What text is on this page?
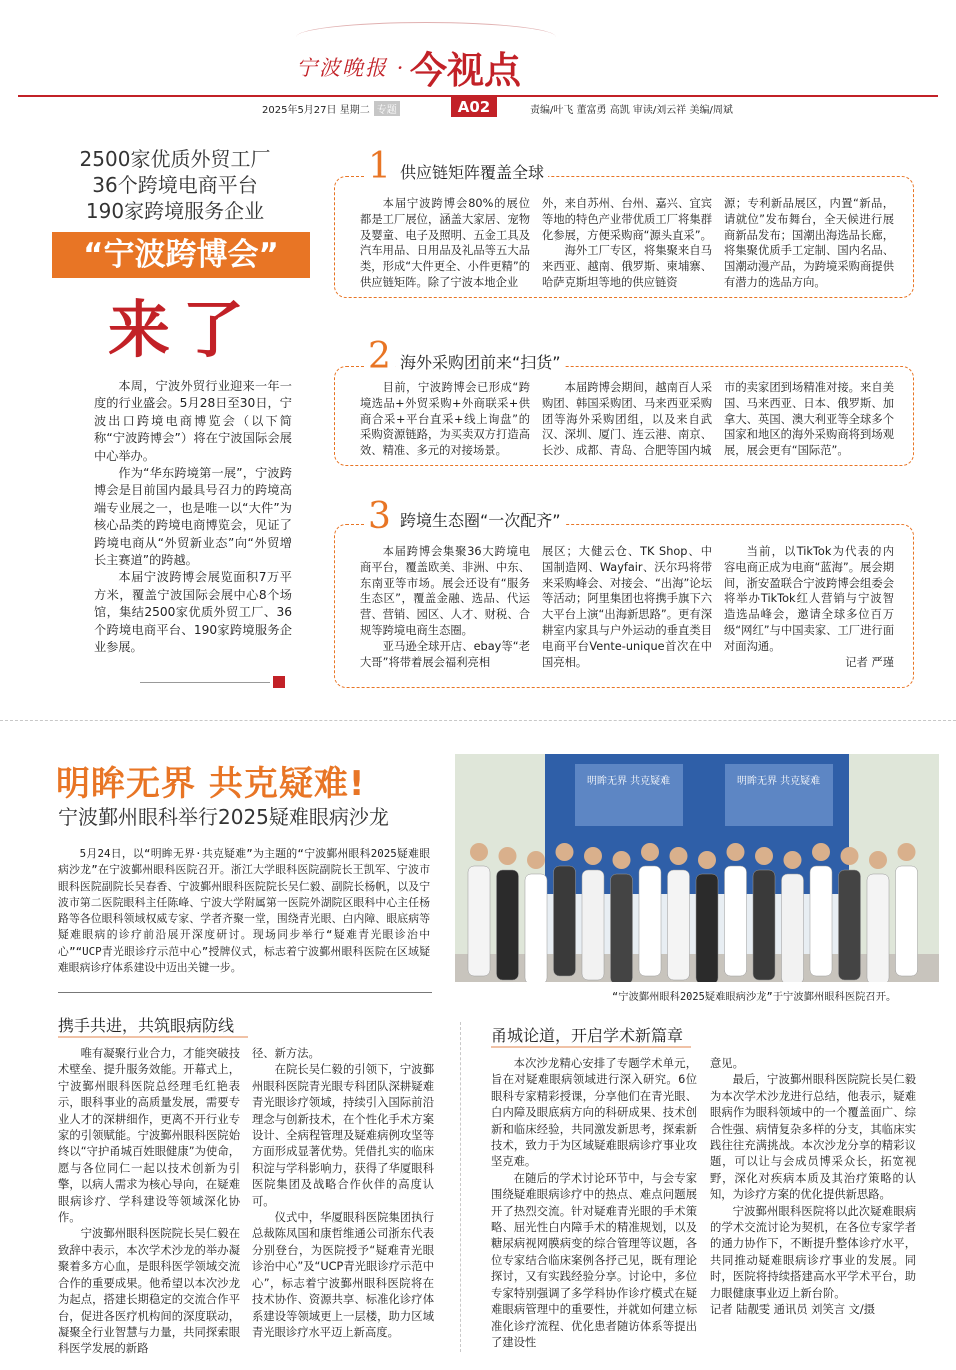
宁波晚报 · 今视点
2025年5月27日 星期二 专题	A02	责编/叶飞 董富勇 高凯 审读/刘云祥 美编/周斌
2500家优质外贸工厂
36个跨境电商平台
190家跨境服务企业
“宁波跨博会”
来了

本周，宁波外贸行业迎来一年一度的行业盛会。5月28日至30日，宁波出口跨境电商博览会（以下简称“宁波跨博会”）将在宁波国际会展中心举办。

作为“华东跨境第一展”，宁波跨博会是目前国内最具号召力的跨境高端专业展之一，也是唯一以“大件”为核心品类的跨境电商博览会，见证了跨境电商从“外贸新业态”向“外贸增长主赛道”的跨越。

本届宁波跨博会展览面积7万平方米，覆盖宁波国际会展中心8个场馆，集结2500家优质外贸工厂、36个跨境电商平台、190家跨境服务企业参展。

1 供应链矩阵覆盖全球

本届宁波跨博会80%的展位都是工厂展位，涵盖大家居、宠物及婴童、电子及照明、五金工具及汽车用品、日用品及礼品等五大品类，形成“大件更全、小件更精”的供应链矩阵。除了宁波本地企业

外，来自苏州、台州、嘉兴、宜宾等地的特色产业带优质工厂将集群化参展，方便采购商“源头直采”。

海外工厂专区，将集聚来自马来西亚、越南、俄罗斯、柬埔寨、哈萨克斯坦等地的供应链资

源；专利新品展区，内置“新品，请就位”发布舞台，全天候进行展商新品发布；国潮出海选品长廊，将集聚优质手工定制、国内名品、国潮动漫产品，为跨境采购商提供有潜力的选品方向。

2 海外采购团前来“扫货”

目前，宁波跨博会已形成“跨境选品+外贸采购+外商联采+供商合采+平台直采+线上询盘”的采购资源链路，为买卖双方打造高效、精准、多元的对接场景。

本届跨博会期间，越南百人采购团、韩国采购团、马来西亚采购团等海外采购团组，以及来自武汉、深圳、厦门、连云港、南京、长沙、成都、青岛、合肥等国内城

市的卖家团到场精准对接。来自美国、马来西亚、日本、俄罗斯、加拿大、英国、澳大利亚等全球多个国家和地区的海外采购商将到场观展，展会更有“国际范”。

3 跨境生态圈“一次配齐”

本届跨博会集聚36大跨境电商平台，覆盖欧美、非洲、中东、东南亚等市场。展会还设有“服务生态区”，覆盖金融、选品、代运营、营销、园区、人才、财税、合规等跨境电商生态圈。

亚马逊全球开店、ebay等“老大哥”将带着展会福利亮相

展区；大健云仓、TK Shop、中国制造网、Wayfair、沃尔玛将带来采购峰会、对接会、“出海”论坛等活动；阿里集团也将携手旗下六大平台上演“出海新思路”。更有深耕室内家具与户外运动的垂直类目电商平台Vente-unique首次在中国亮相。

当前，以TikTok为代表的内容电商正成为电商“蓝海”。展会期间，浙安盈联合宁波跨博会组委会将举办TikTok红人营销与宁波智造选品峰会，邀请全球多位百万级“网红”与中国卖家、工厂进行面对面沟通。

记者 严瑾

明眸无界 共克疑难!
宁波鄞州眼科举行2025疑难眼病沙龙
5月24日，以“明眸无界·共克疑难”为主题的“宁波鄞州眼科2025疑难眼病沙龙”在宁波鄞州眼科医院召开。浙江大学眼科医院副院长王凯军、宁波市眼科医院副院长吴春香、宁波鄞州眼科医院院长吴仁毅、副院长杨帆，以及宁波市第二医院眼科主任陈峰、宁波大学附属第一医院外湖院区眼科中心主任杨路等各位眼科领域权威专家、学者齐聚一堂，围绕青光眼、白内障、眼底病等疑难眼病的诊疗前沿展开深度研讨。现场同步举行“疑难青光眼诊治中心”“UCP青光眼诊疗示范中心”授牌仪式，标志着宁波鄞州眼科医院在区域疑难眼病诊疗体系建设中迈出关键一步。
明眸无界 共克疑难	明眸无界 共克疑难
“宁波鄞州眼科2025疑难眼病沙龙”于宁波鄞州眼科医院召开。
携手共进，共筑眼病防线
甬城论道，开启学术新篇章

唯有凝聚行业合力，才能突破技术壁垒、提升服务效能。开幕式上，宁波鄞州眼科医院总经理毛红艳表示，眼科事业的高质量发展，需要专业人才的深耕细作，更离不开行业专家的引领赋能。宁波鄞州眼科医院始终以“守护甬城百姓眼健康”为使命，愿与各位同仁一起以技术创新为引擎，以病人需求为核心导向，在疑难眼病诊疗、学科建设等领域深化协作。

宁波鄞州眼科医院院长吴仁毅在致辞中表示，本次学术沙龙的举办凝聚着多方心血，是眼科医学领域交流合作的重要成果。他希望以本次沙龙为起点，搭建长期稳定的交流合作平台，促进各医疗机构间的深度联动，凝聚全行业智慧与力量，共同探索眼科医学发展的新路

径、新方法。

在院长吴仁毅的引领下，宁波鄞州眼科医院青光眼专科团队深耕疑难青光眼诊疗领域，持续引入国际前沿理念与创新技术，在个性化手术方案设计、全病程管理及疑难病例攻坚等方面形成显著优势。凭借扎实的临床积淀与学科影响力，获得了华厦眼科医院集团及战略合作伙伴的高度认可。

仪式中，华厦眼科医院集团执行总裁陈凤国和康哲维通公司浙东代表分别登台，为医院授予“疑难青光眼诊治中心”及“UCP青光眼诊疗示范中心”，标志着宁波鄞州眼科医院将在技术协作、资源共享、标准化诊疗体系建设等领域更上一层楼，助力区域青光眼诊疗水平迈上新高度。

本次沙龙精心安排了专题学术单元，旨在对疑难眼病领域进行深入研究。6位眼科专家精彩授课，分享他们在青光眼、白内障及眼底病方向的科研成果、技术创新和临床经验，共同激发新思考，探索新技术，致力于为区域疑难眼病诊疗事业攻坚克难。

在随后的学术讨论环节中，与会专家围绕疑难眼病诊疗中的热点、难点问题展开了热烈交流。针对疑难青光眼的手术策略、屈光性白内障手术的精准规划，以及糖尿病视网膜病变的综合管理等议题，各位专家结合临床案例各抒己见，既有理论探讨，又有实践经验分享。讨论中，多位专家特别强调了多学科协作诊疗模式在疑难眼病管理中的重要性，并就如何建立标准化诊疗流程、优化患者随访体系等提出了建设性

意见。

最后，宁波鄞州眼科医院院长吴仁毅为本次学术沙龙进行总结，他表示，疑难眼病作为眼科领域中的一个覆盖面广、综合性强、病情复杂多样的分支，其临床实践往往充满挑战。本次沙龙分享的精彩议题，可以让与会成员博采众长，拓宽视野，深化对疾病本质及其治疗策略的认知，为诊疗方案的优化提供新思路。

宁波鄞州眼科医院将以此次疑难眼病的学术交流讨论为契机，在各位专家学者的通力协作下，不断提升整体诊疗水平，共同推动疑难眼病诊疗事业的发展。同时，医院将持续搭建高水平学术平台，助力眼健康事业迈上新台阶。

记者 陆靓雯 通讯员 刘笑言 文/摄
